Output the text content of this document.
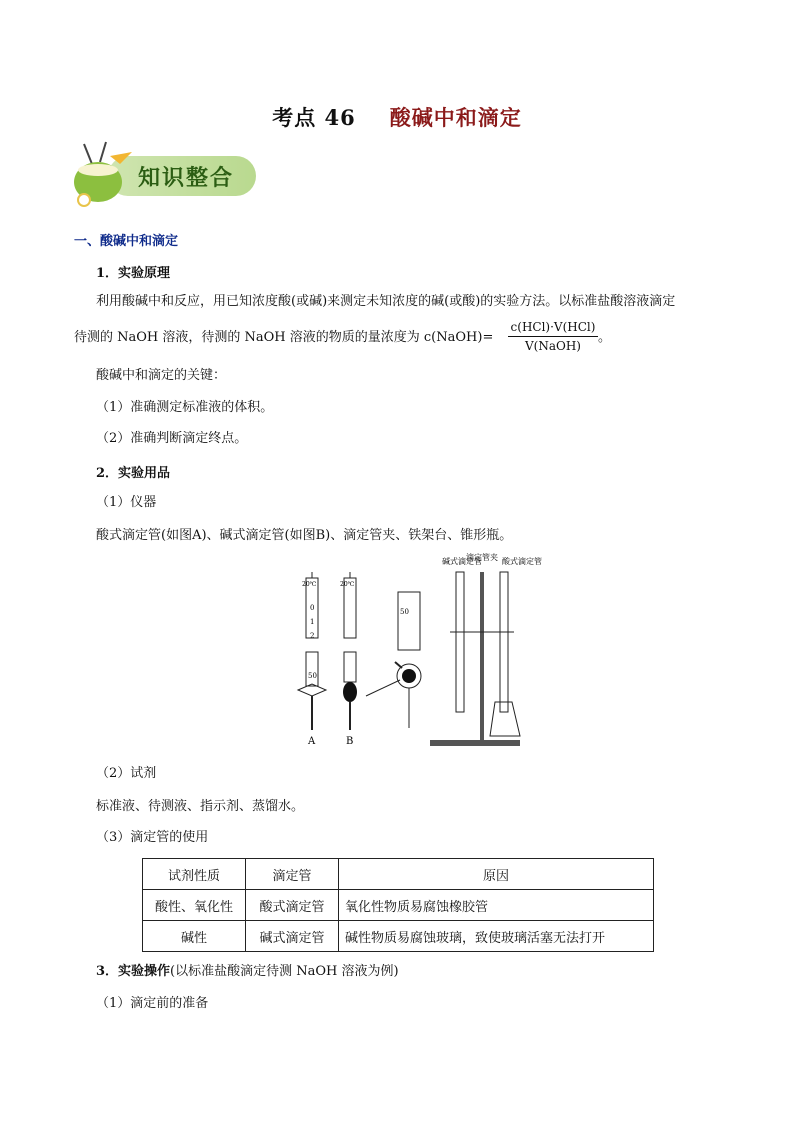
考点 46 酸碱中和滴定
知识整合
一、酸碱中和滴定
1．实验原理
利用酸碱中和反应，用已知浓度酸(或碱)来测定未知浓度的碱(或酸)的实验方法。以标准盐酸溶液滴定
待测的 NaOH 溶液，待测的 NaOH 溶液的物质的量浓度为 c(NaOH)=
c(HCl)·V(HCl)
V(NaOH)
。
酸碱中和滴定的关键：
（1）准确测定标准液的体积。
（2）准确判断滴定终点。
2．实验用品
（1）仪器
酸式滴定管(如图A)、碱式滴定管(如图B)、滴定管夹、铁架台、锥形瓶。
20℃
0
1
2
50
A
20℃
B
50
碱式滴定管
滴定管夹 酸式滴定管
（2）试剂
标准液、待测液、指示剂、蒸馏水。
（3）滴定管的使用
试剂性质	滴定管	原因
酸性、氧化性	酸式滴定管	氧化性物质易腐蚀橡胶管
碱性	碱式滴定管	碱性物质易腐蚀玻璃，致使玻璃活塞无法打开
3．实验操作(以标准盐酸滴定待测 NaOH 溶液为例)
（1）滴定前的准备
